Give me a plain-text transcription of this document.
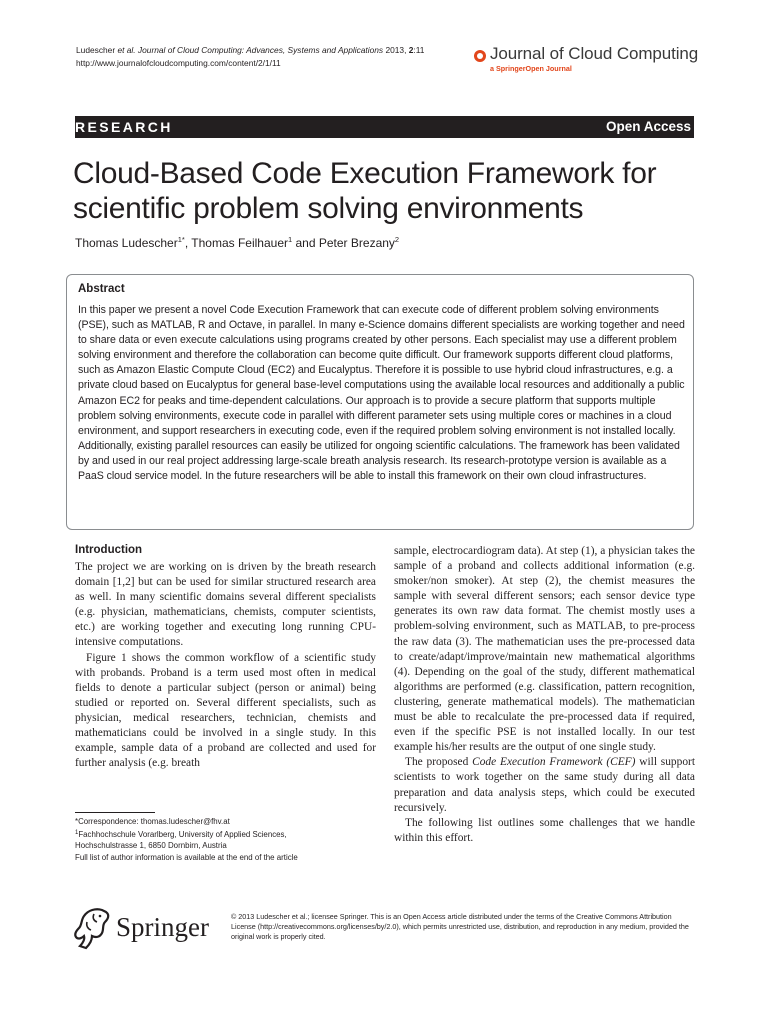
Ludescher et al. Journal of Cloud Computing: Advances, Systems and Applications 2013, 2:11
http://www.journalofcloudcomputing.com/content/2/1/11	Journal of Cloud Computing
a SpringerOpen Journal
RESEARCH	Open Access
Cloud-Based Code Execution Framework for scientific problem solving environments
Thomas Ludescher$^{1*}$, Thomas Feilhauer$^1$ and Peter Brezany$^2$
Abstract
In this paper we present a novel Code Execution Framework that can execute code of different problem solving environments (PSE), such as MATLAB, R and Octave, in parallel. In many e-Science domains different specialists are working together and need to share data or even execute calculations using programs created by other persons. Each specialist may use a different problem solving environment and therefore the collaboration can become quite difficult. Our framework supports different cloud platforms, such as Amazon Elastic Compute Cloud (EC2) and Eucalyptus. Therefore it is possible to use hybrid cloud infrastructures, e.g. a private cloud based on Eucalyptus for general base-level computations using the available local resources and additionally a public Amazon EC2 for peaks and time-dependent calculations. Our approach is to provide a secure platform that supports multiple problem solving environments, execute code in parallel with different parameter sets using multiple cores or machines in a cloud environment, and support researchers in executing code, even if the required problem solving environment is not installed locally. Additionally, existing parallel resources can easily be utilized for ongoing scientific calculations. The framework has been validated by and used in our real project addressing large-scale breath analysis research. Its research-prototype version is available as a PaaS cloud service model. In the future researchers will be able to install this framework on their own cloud infrastructures.
Introduction

The project we are working on is driven by the breath research domain [1,2] but can be used for similar structured research area as well. In many scientific domains several different specialists (e.g. physician, mathematicians, chemists, computer scientists, etc.) are working together and executing long running CPU-intensive computations.

Figure 1 shows the common workflow of a scientific study with probands. Proband is a term used most often in medical fields to denote a particular subject (person or animal) being studied or reported on. Several different specialists, such as physician, medical researchers, technician, chemists and mathematicians could be involved in a single study. In this example, sample data of a proband are collected and used for further analysis (e.g. breath

sample, electrocardiogram data). At step (1), a physician takes the sample of a proband and collects additional information (e.g. smoker/non smoker). At step (2), the chemist measures the sample with several different sensors; each sensor device type generates its own raw data format. The chemist mostly uses a problem-solving environment, such as MATLAB, to pre-process the raw data (3). The mathematician uses the pre-processed data to create/adapt/improve/maintain new mathematical algorithms (4). Depending on the goal of the study, different mathematical algorithms are performed (e.g. classification, pattern recognition, clustering, generate mathematical models). The mathematician must be able to recalculate the pre-processed data if required, even if the specific PSE is not installed locally. In our test example his/her results are the output of one single study.

The proposed Code Execution Framework (CEF) will support scientists to work together on the same study during all data preparation and data analysis steps, which could be executed recursively.

The following list outlines some challenges that we handle within this effort.

*Correspondence: thomas.ludescher@fhv.at
$^1$Fachhochschule Vorarlberg, University of Applied Sciences,
Hochschulstrasse 1, 6850 Dornbirn, Austria
Full list of author information is available at the end of the article
Springer	© 2013 Ludescher et al.; licensee Springer. This is an Open Access article distributed under the terms of the Creative Commons Attribution License (http://creativecommons.org/licenses/by/2.0), which permits unrestricted use, distribution, and reproduction in any medium, provided the original work is properly cited.
